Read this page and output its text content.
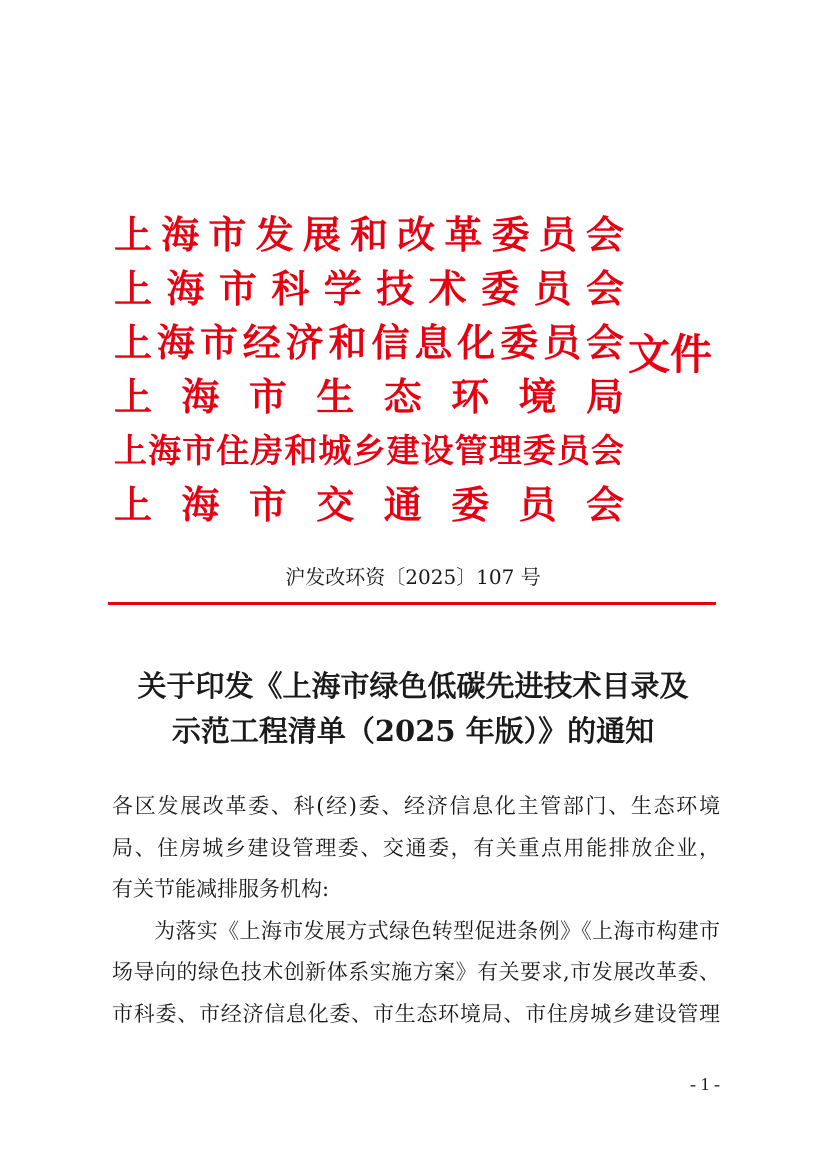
上 海 市 发 展 和 改 革 委 员 会
上 海 市 科 学 技 术 委 员 会
上 海 市 经 济 和 信 息 化 委 员 会
上 海 市 生 态 环 境 局
上 海 市 住 房 和 城 乡 建 设 管 理 委 员 会
上 海 市 交 通 委 员 会
文件
沪发改环资〔2025〕107 号
关于印发《上海市绿色低碳先进技术目录及
示范工程清单（2025 年版）》的通知
各区发展改革委、科(经)委、经济信息化主管部门、生态环境
局、住房城乡建设管理委、交通委，有关重点用能排放企业，
有关节能减排服务机构:
为落实《上海市发展方式绿色转型促进条例》《上海市构建市
场导向的绿色技术创新体系实施方案》有关要求,市发展改革委、
市科委、市经济信息化委、市生态环境局、市住房城乡建设管理
- 1 -
